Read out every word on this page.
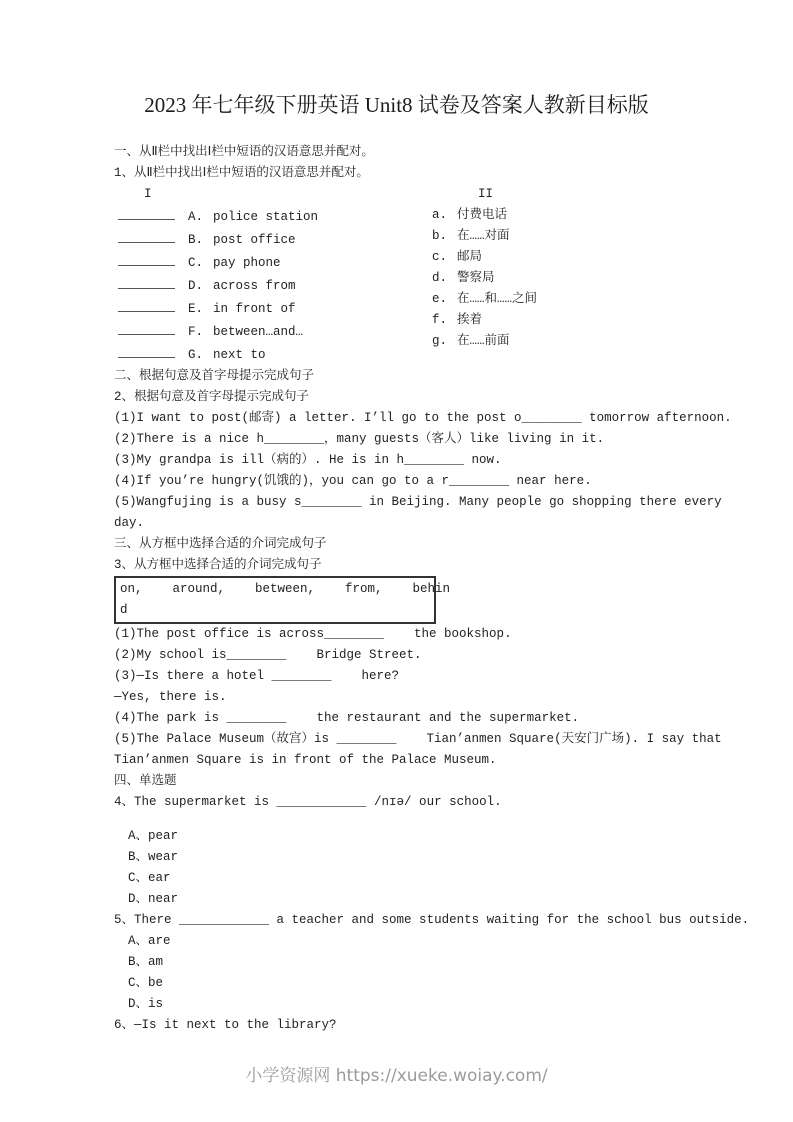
2023 年七年级下册英语 Unit8 试卷及答案人教新目标版
一、从Ⅱ栏中找出Ⅰ栏中短语的汉语意思并配对。
1、从Ⅱ栏中找出Ⅰ栏中短语的汉语意思并配对。
I
A. police station
B. post office
C. pay phone
D. across from
E. in front of
F. between…and…
G. next to
II
a. 付费电话
b. 在……对面
c. 邮局
d. 警察局
e. 在……和……之间
f. 挨着
g. 在……前面
二、根据句意及首字母提示完成句子
2、根据句意及首字母提示完成句子
(1)I want to post(邮寄) a letter. I’ll go to the post o________ tomorrow afternoon.
(2)There is a nice h________，many guests（客人）like living in it.
(3)My grandpa is ill（病的）. He is in h________ now.
(4)If you’re hungry(饥饿的)，you can go to a r________ near here.
(5)Wangfujing is a busy s________ in Beijing. Many people go shopping there every
day.
三、从方框中选择合适的介词完成句子
3、从方框中选择合适的介词完成句子
on,    around,    between,    from,    behin
d
(1)The post office is across________    the bookshop.
(2)My school is________    Bridge Street.
(3)—Is there a hotel ________    here?
—Yes, there is.
(4)The park is ________    the restaurant and the supermarket.
(5)The Palace Museum（故宫）is ________    Tian’anmen Square(天安门广场). I say that
Tian’anmen Square is in front of the Palace Museum.
四、单选题
4、The supermarket is ____________ /nɪə/ our school.
A、pear
B、wear
C、ear
D、near
5、There ____________ a teacher and some students waiting for the school bus outside.
A、are
B、am
C、be
D、is
6、—Is it next to the library?
小学资源网 https://xueke.woiay.com/
